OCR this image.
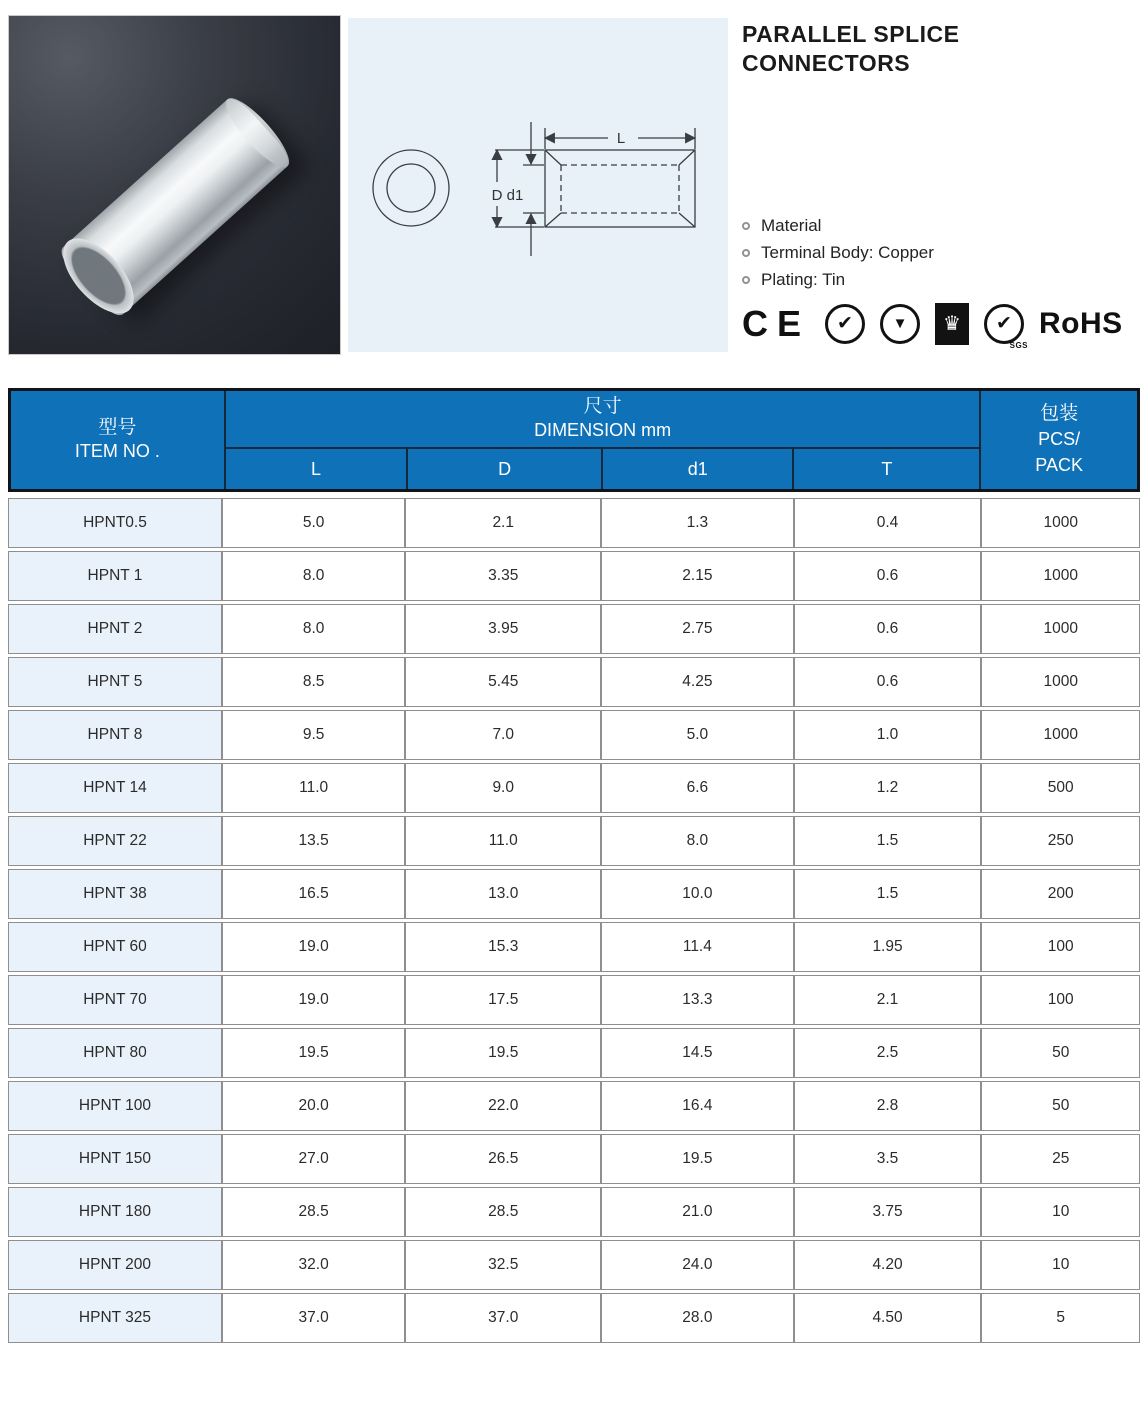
L
D d1
PARALLEL SPLICE
CONNECTORS
Material
Terminal Body: Copper
Plating: Tin
CE ✔	▼ ♛ ✔
SGS
RoHS
型号
ITEM NO .
尺寸
DIMENSION mm
L	D	d1	T
包装
PCS/
PACK
HPNT0.5	5.0	2.1	1.3	0.4	1000
HPNT 1	8.0	3.35	2.15	0.6	1000
HPNT 2	8.0	3.95	2.75	0.6	1000
HPNT 5	8.5	5.45	4.25	0.6	1000
HPNT 8	9.5	7.0	5.0	1.0	1000
HPNT 14	11.0	9.0	6.6	1.2	500
HPNT 22	13.5	11.0	8.0	1.5	250
HPNT 38	16.5	13.0	10.0	1.5	200
HPNT 60	19.0	15.3	11.4	1.95	100
HPNT 70	19.0	17.5	13.3	2.1	100
HPNT 80	19.5	19.5	14.5	2.5	50
HPNT 100	20.0	22.0	16.4	2.8	50
HPNT 150	27.0	26.5	19.5	3.5	25
HPNT 180	28.5	28.5	21.0	3.75	10
HPNT 200	32.0	32.5	24.0	4.20	10
HPNT 325	37.0	37.0	28.0	4.50	5
